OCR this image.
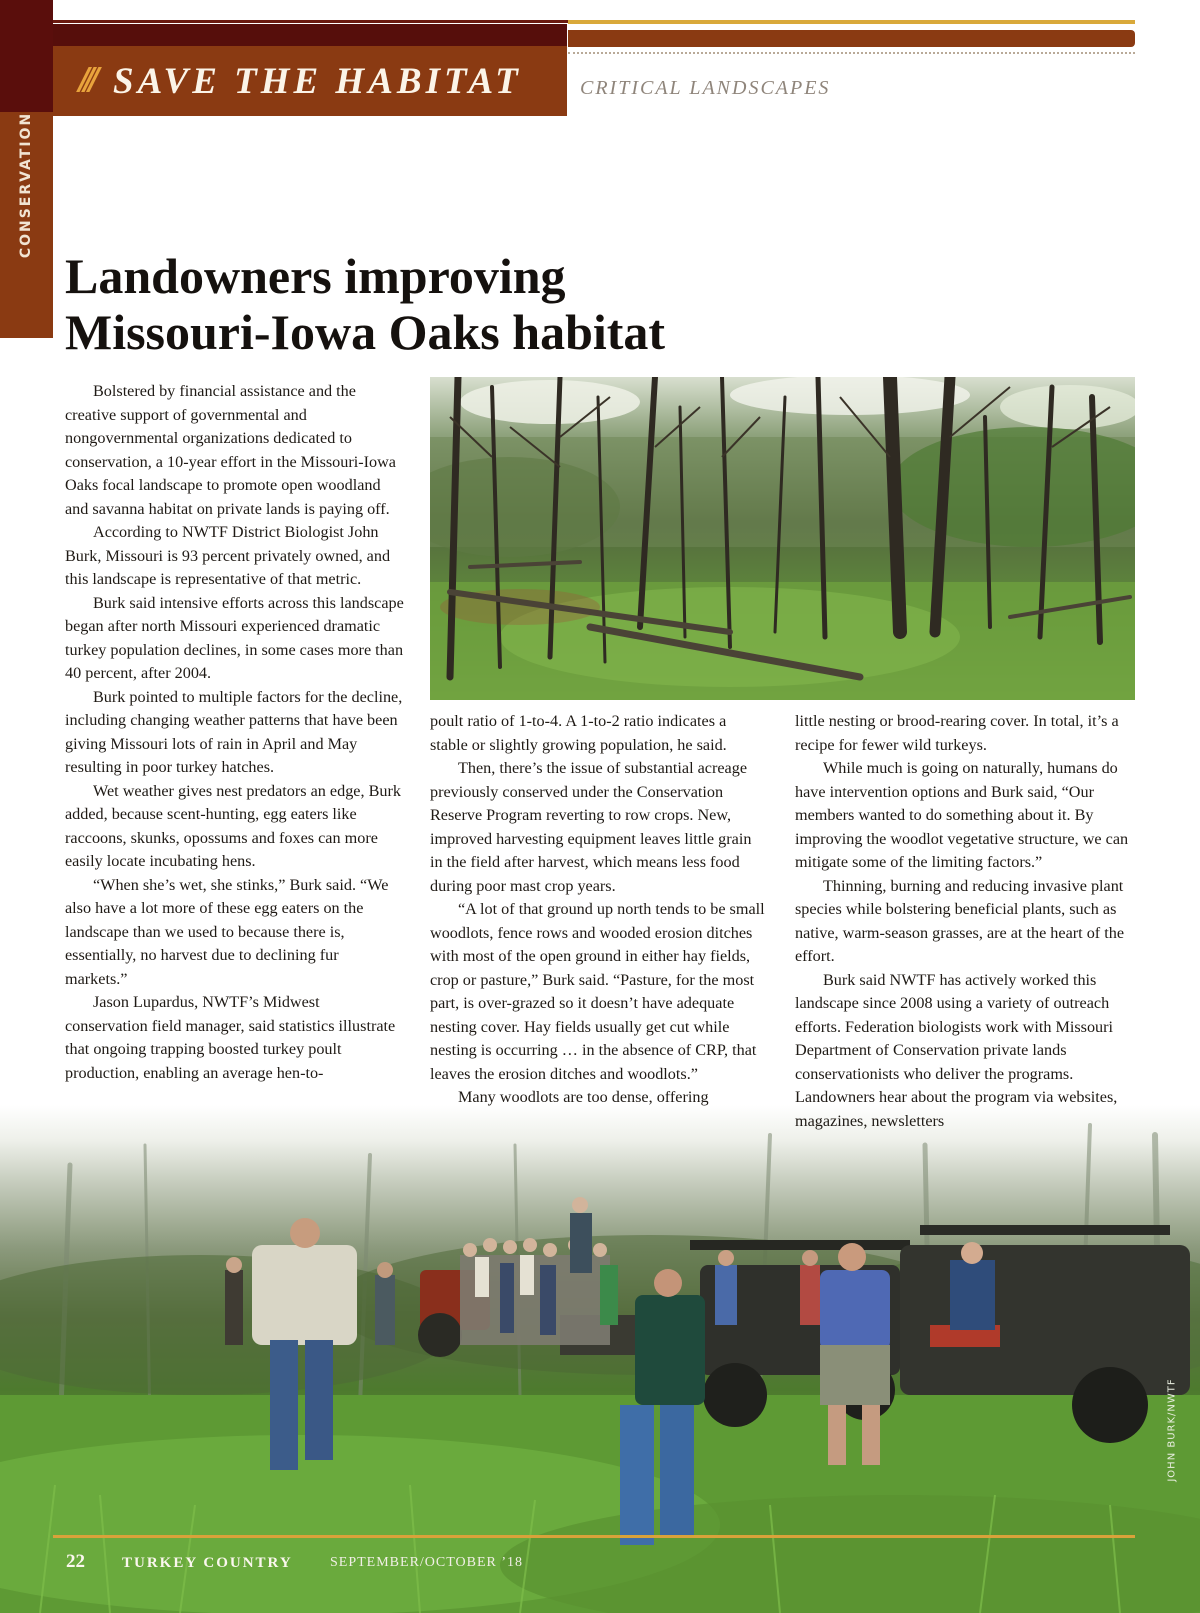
CONSERVATION
/// SAVE THE HABITAT	CRITICAL LANDSCAPES
Landowners improving
Missouri-Iowa Oaks habitat

Bolstered by financial assistance and the creative support of governmental and nongovernmental organizations dedicated to conservation, a 10-year effort in the Missouri-Iowa Oaks focal landscape to promote open woodland and savanna habitat on private lands is paying off.

According to NWTF District Biologist John Burk, Missouri is 93 percent privately owned, and this landscape is representative of that metric.

Burk said intensive efforts across this landscape began after north Missouri experienced dramatic turkey population declines, in some cases more than 40 percent, after 2004.

Burk pointed to multiple factors for the decline, including changing weather patterns that have been giving Missouri lots of rain in April and May resulting in poor turkey hatches.

Wet weather gives nest predators an edge, Burk added, because scent-hunting, egg eaters like raccoons, skunks, opossums and foxes can more easily locate incubating hens.

“When she’s wet, she stinks,” Burk said. “We also have a lot more of these egg eaters on the landscape than we used to because there is, essentially, no harvest due to declining fur markets.”

Jason Lupardus, NWTF’s Midwest conservation field manager, said statistics illustrate that ongoing trapping boosted turkey poult production, enabling an average hen-to-

poult ratio of 1-to-4. A 1-to-2 ratio indicates a stable or slightly growing population, he said.

Then, there’s the issue of substantial acreage previously conserved under the Conservation Reserve Program reverting to row crops. New, improved harvesting equipment leaves little grain in the field after harvest, which means less food during poor mast crop years.

“A lot of that ground up north tends to be small woodlots, fence rows and wooded erosion ditches with most of the open ground in either hay fields, crop or pasture,” Burk said. “Pasture, for the most part, is over-grazed so it doesn’t have adequate nesting cover. Hay fields usually get cut while nesting is occurring … in the absence of CRP, that leaves the erosion ditches and woodlots.”

Many woodlots are too dense, offering

little nesting or brood-rearing cover. In total, it’s a recipe for fewer wild turkeys.

While much is going on naturally, humans do have intervention options and Burk said, “Our members wanted to do something about it. By improving the woodlot vegetative structure, we can mitigate some of the limiting factors.”

Thinning, burning and reducing invasive plant species while bolstering beneficial plants, such as native, warm-season grasses, are at the heart of the effort.

Burk said NWTF has actively worked this landscape since 2008 using a variety of outreach efforts. Federation biologists work with Missouri Department of Conservation private lands conservationists who deliver the programs. Landowners hear about the program via websites, magazines, newsletters

JOHN BURK/NWTF
22 TURKEY COUNTRY	SEPTEMBER/OCTOBER ’18
